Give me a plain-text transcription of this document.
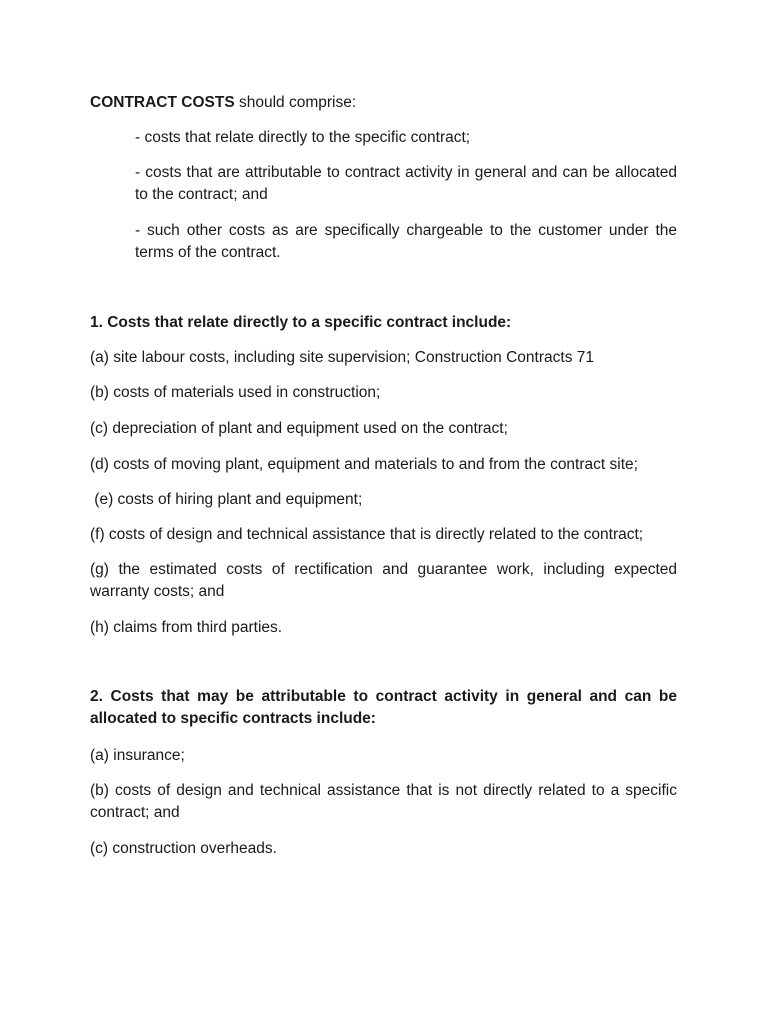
CONTRACT COSTS should comprise:

- costs that relate directly to the specific contract;

- costs that are attributable to contract activity in general and can be allocated to the contract; and

- such other costs as are specifically chargeable to the customer under the terms of the contract.

1. Costs that relate directly to a specific contract include:

(a) site labour costs, including site supervision; Construction Contracts 71

(b) costs of materials used in construction;

(c) depreciation of plant and equipment used on the contract;

(d) costs of moving plant, equipment and materials to and from the contract site;

(e) costs of hiring plant and equipment;

(f) costs of design and technical assistance that is directly related to the contract;

(g) the estimated costs of rectification and guarantee work, including expected warranty costs; and

(h) claims from third parties.

2. Costs that may be attributable to contract activity in general and can be allocated to specific contracts include:

(a) insurance;

(b) costs of design and technical assistance that is not directly related to a specific contract; and

(c) construction overheads.
